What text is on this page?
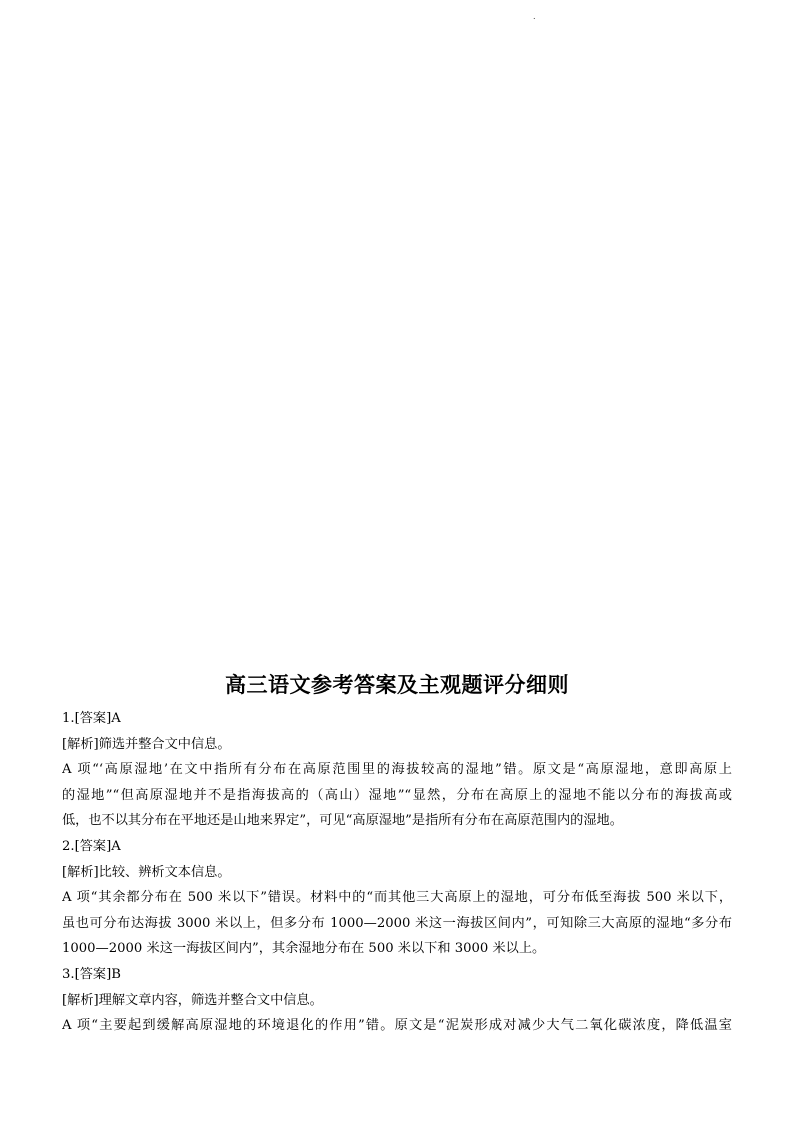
.
高三语文参考答案及主观题评分细则
1.[答案]A
[解析]筛选并整合文中信息。
A 项“‘高原湿地’在文中指所有分布在高原范围里的海拔较高的湿地”错。原文是“高原湿地，意即高原上
的湿地”“但高原湿地并不是指海拔高的（高山）湿地”“显然，分布在高原上的湿地不能以分布的海拔高或
低，也不以其分布在平地还是山地来界定”，可见“高原湿地”是指所有分布在高原范围内的湿地。
2.[答案]A
[解析]比较、辨析文本信息。
A 项“其余都分布在 500 米以下”错误。材料中的“而其他三大高原上的湿地，可分布低至海拔 500 米以下，
虽也可分布达海拔 3000 米以上，但多分布 1000—2000 米这一海拔区间内”，可知除三大高原的湿地“多分布
1000—2000 米这一海拔区间内”，其余湿地分布在 500 米以下和 3000 米以上。
3.[答案]B
[解析]理解文章内容，筛选并整合文中信息。
A 项“主要起到缓解高原湿地的环境退化的作用”错。原文是“泥炭形成对减少大气二氧化碳浓度，降低温室
